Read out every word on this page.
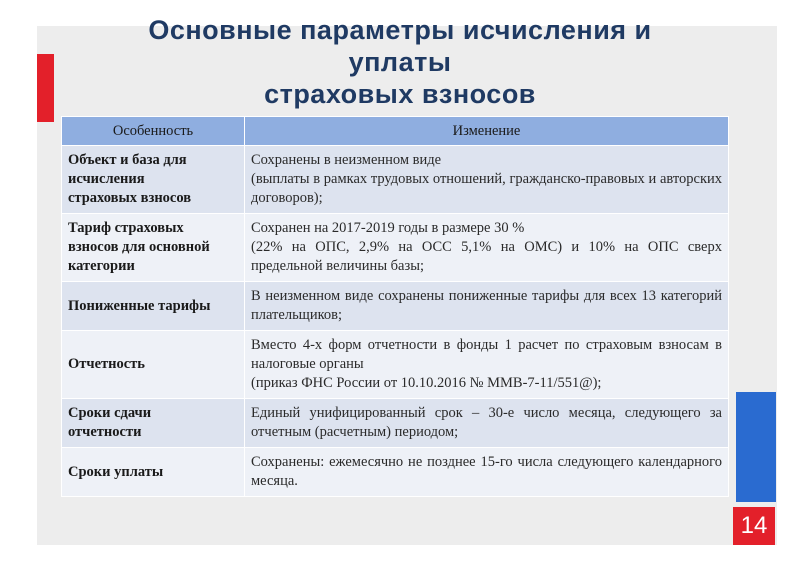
Основные параметры исчисления и
уплаты
страховых взносов
Особенность	Изменение

Объект и база для
исчисления
страховых взносов	Сохранены в неизменном виде
(выплаты в рамках трудовых отношений, гражданско-правовых и авторских договоров);

Тариф страховых
взносов для основной
категории	Сохранен на 2017-2019 годы в размере 30 %
(22% на ОПС, 2,9% на ОСС 5,1% на ОМС) и 10% на ОПС сверх предельной величины базы;

Пониженные тарифы	В неизменном виде сохранены пониженные тарифы для всех 13 категорий плательщиков;

Отчетность	Вместо 4-х форм отчетности в фонды 1 расчет по страховым взносам в налоговые органы
(приказ ФНС России от 10.10.2016 № ММВ-7-11/551@);

Сроки сдачи
отчетности	Единый унифицированный срок – 30-е число месяца, следующего за отчетным (расчетным) периодом;

Сроки уплаты	Сохранены: ежемесячно не позднее 15-го числа следующего календарного месяца.
14
